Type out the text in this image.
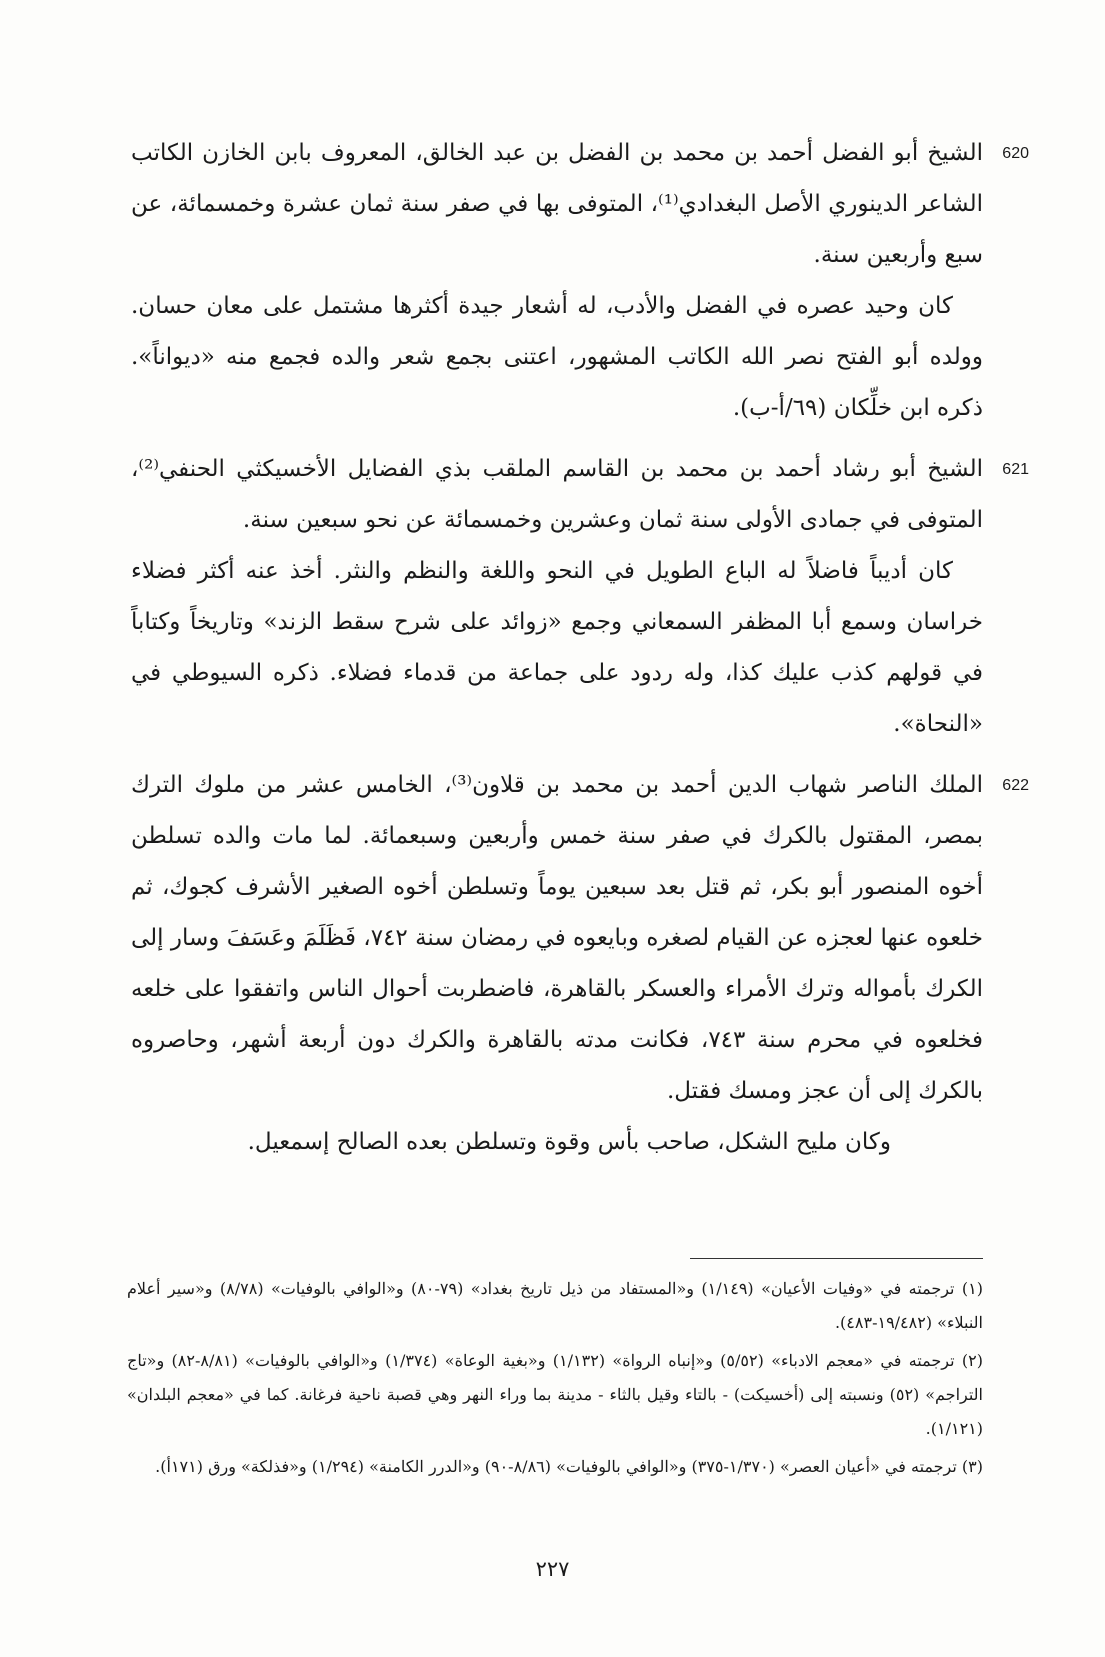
620
الشيخ أبو الفضل أحمد بن محمد بن الفضل بن عبد الخالق، المعروف بابن الخازن الكاتب الشاعر الدينوري الأصل البغدادي⁽¹⁾، المتوفى بها في صفر سنة ثمان عشرة وخمسمائة، عن سبع وأربعين سنة.

كان وحيد عصره في الفضل والأدب، له أشعار جيدة أكثرها مشتمل على معان حسان. وولده أبو الفتح نصر الله الكاتب المشهور، اعتنى بجمع شعر والده فجمع منه «ديواناً». ذكره ابن خلِّكان (٦٩/أ-ب).

621
الشيخ أبو رشاد أحمد بن محمد بن القاسم الملقب بذي الفضايل الأخسيكثي الحنفي⁽²⁾، المتوفى في جمادى الأولى سنة ثمان وعشرين وخمسمائة عن نحو سبعين سنة.

كان أديباً فاضلاً له الباع الطويل في النحو واللغة والنظم والنثر. أخذ عنه أكثر فضلاء خراسان وسمع أبا المظفر السمعاني وجمع «زوائد على شرح سقط الزند» وتاريخاً وكتاباً في قولهم كذب عليك كذا، وله ردود على جماعة من قدماء فضلاء. ذكره السيوطي في «النحاة».

622
الملك الناصر شهاب الدين أحمد بن محمد بن قلاون⁽³⁾، الخامس عشر من ملوك الترك بمصر، المقتول بالكرك في صفر سنة خمس وأربعين وسبعمائة. لما مات والده تسلطن أخوه المنصور أبو بكر، ثم قتل بعد سبعين يوماً وتسلطن أخوه الصغير الأشرف كجوك، ثم خلعوه عنها لعجزه عن القيام لصغره وبايعوه في رمضان سنة ٧٤٢، فَظَلَمَ وعَسَفَ وسار إلى الكرك بأمواله وترك الأمراء والعسكر بالقاهرة، فاضطربت أحوال الناس واتفقوا على خلعه فخلعوه في محرم سنة ٧٤٣، فكانت مدته بالقاهرة والكرك دون أربعة أشهر، وحاصروه بالكرك إلى أن عجز ومسك فقتل.

وكان مليح الشكل، صاحب بأس وقوة وتسلطن بعده الصالح إسمعيل.

(١) ترجمته في «وفيات الأعيان» (١/١٤٩) و«المستفاد من ذيل تاريخ بغداد» (٧٩-٨٠) و«الوافي بالوفيات» (٨/٧٨) و«سير أعلام النبلاء» (١٩/٤٨٢-٤٨٣).

(٢) ترجمته في «معجم الادباء» (٥/٥٢) و«إنباه الرواة» (١/١٣٢) و«بغية الوعاة» (١/٣٧٤) و«الوافي بالوفيات» (٨/٨١-٨٢) و«تاج التراجم» (٥٢) ونسبته إلى (أخسيكت) - بالتاء وقيل بالثاء - مدينة بما وراء النهر وهي قصبة ناحية فرغانة. كما في «معجم البلدان» (١/١٢١).

(٣) ترجمته في «أعيان العصر» (١/٣٧٠-٣٧٥) و«الوافي بالوفيات» (٨/٨٦-٩٠) و«الدرر الكامنة» (١/٢٩٤) و«فذلكة» ورق (١٧١أ).

٢٢٧
